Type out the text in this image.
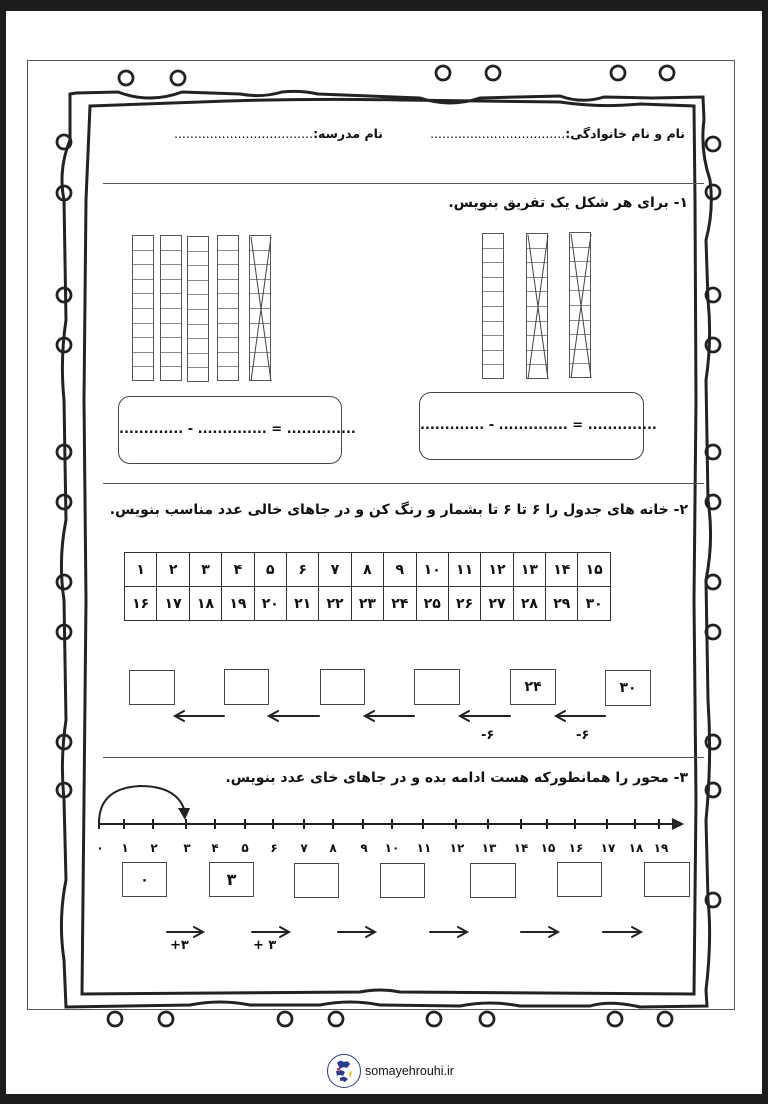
نام و نام خانوادگی:..................................
نام مدرسه:...................................
۱- برای هر شکل یک تفریق بنویس.
............. - .............. = ..............	............. - .............. = ..............
۲- خانه های جدول را ۶ تا ۶ تا بشمار و رنگ کن و در جاهای خالی عدد مناسب بنویس.
۱	۲	۳	۴	۵	۶	۷	۸	۹	۱۰	۱۱	۱۲	۱۳	۱۴	۱۵
۱۶	۱۷	۱۸	۱۹	۲۰	۲۱	۲۲	۲۳	۲۴	۲۵	۲۶	۲۷	۲۸	۲۹	۳۰
۲۴	۳۰
-۶	-۶
۳- محور را همانطورکه هست ادامه بده و در جاهای خای عدد بنویس.
۰ ۱ ۲ ۳ ۴ ۵ ۶ ۷ ۸ ۹ ۱۰ ۱۱ ۱۲ ۱۳ ۱۴ ۱۵ ۱۶ ۱۷ ۱۸ ۱۹
۰	۳
+۳	+ ۳
somayehrouhi.ir
